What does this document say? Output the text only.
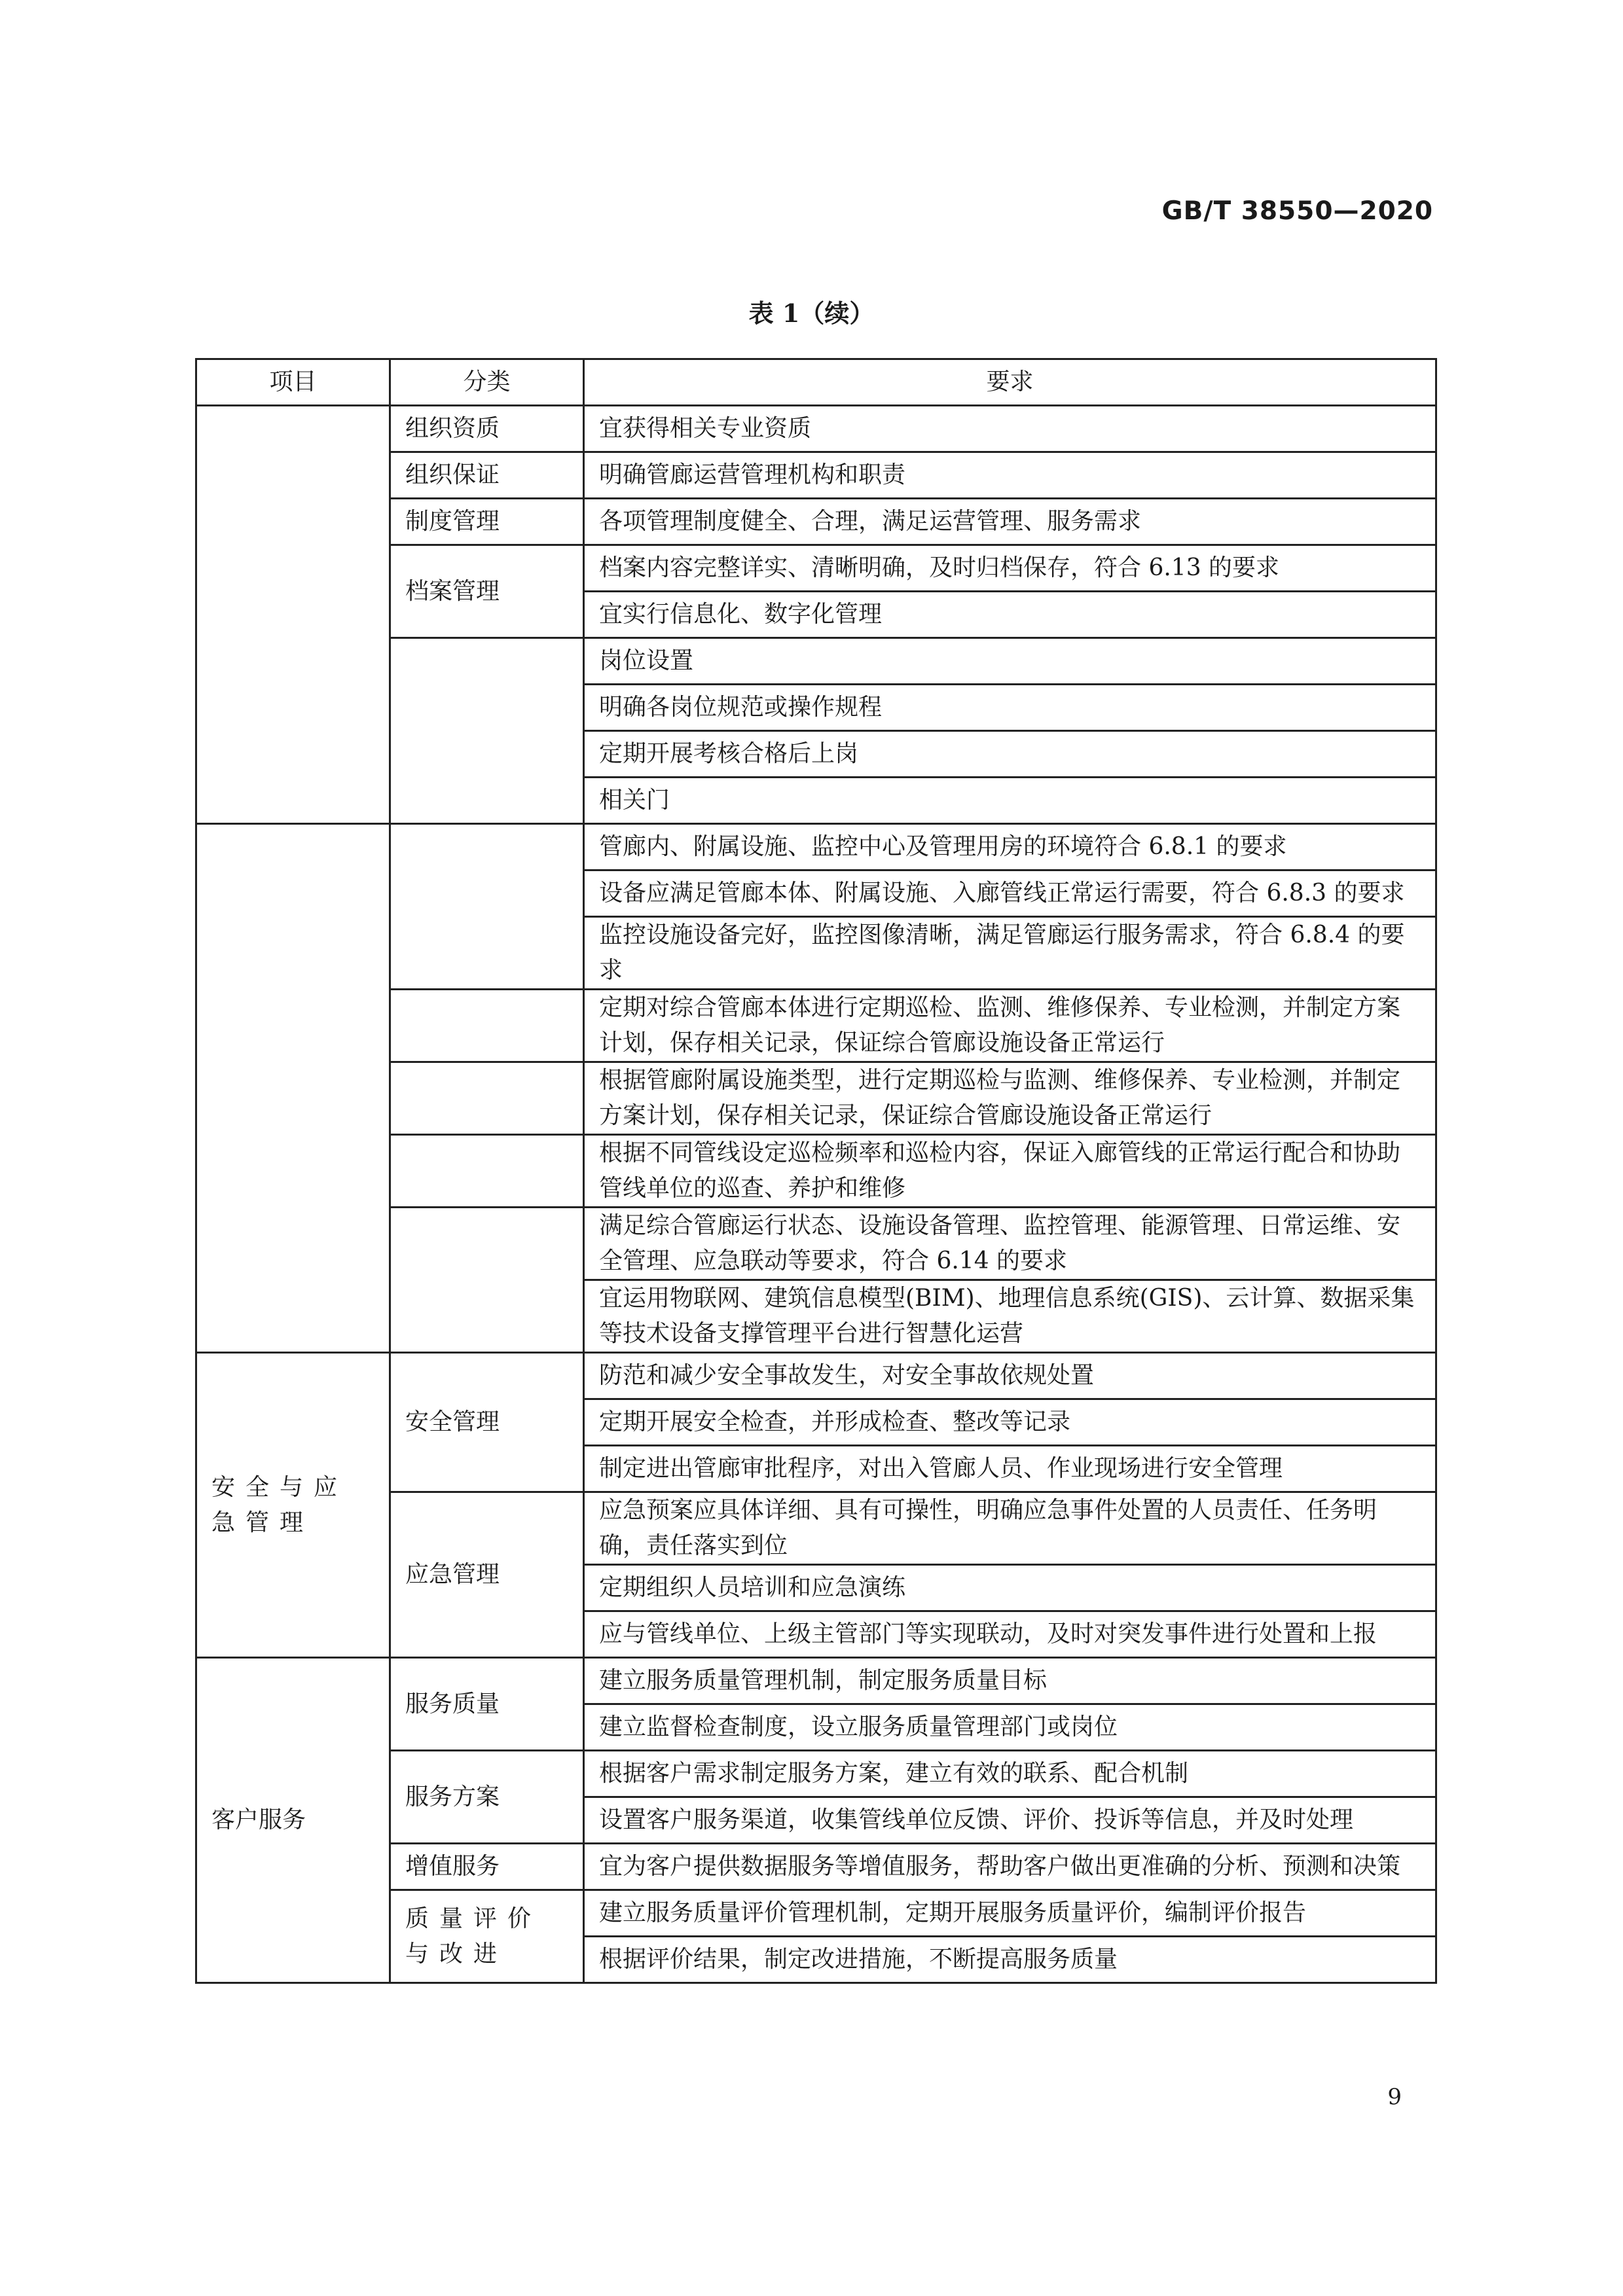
GB/T 38550—2020
表 1（续）
项目	分类	要求
	组织资质	宜获得相关专业资质
	组织保证	明确管廊运营管理机构和职责
	制度管理	各项管理制度健全、合理，满足运营管理、服务需求
	档案管理	档案内容完整详实、清晰明确，及时归档保存，符合 6.13 的要求
		宜实行信息化、数字化管理
		岗位设置
		明确各岗位规范或操作规程
		定期开展考核合格后上岗
		相关门
		管廊内、附属设施、监控中心及管理用房的环境符合 6.8.1 的要求
		设备应满足管廊本体、附属设施、入廊管线正常运行需要，符合 6.8.3 的要求
		监控设施设备完好，监控图像清晰，满足管廊运行服务需求，符合 6.8.4 的要求
		定期对综合管廊本体进行定期巡检、监测、维修保养、专业检测，并制定方案计划，保存相关记录，保证综合管廊设施设备正常运行
		根据管廊附属设施类型，进行定期巡检与监测、维修保养、专业检测，并制定方案计划，保存相关记录，保证综合管廊设施设备正常运行
		根据不同管线设定巡检频率和巡检内容，保证入廊管线的正常运行配合和协助管线单位的巡查、养护和维修
		满足综合管廊运行状态、设施设备管理、监控管理、能源管理、日常运维、安全管理、应急联动等要求，符合 6.14 的要求
		宜运用物联网、建筑信息模型(BIM)、地理信息系统(GIS)、云计算、数据采集等技术设备支撑管理平台进行智慧化运营
安全与应急管理	安全管理	防范和减少安全事故发生，对安全事故依规处置
		定期开展安全检查，并形成检查、整改等记录
		制定进出管廊审批程序，对出入管廊人员、作业现场进行安全管理
	应急管理	应急预案应具体详细、具有可操性，明确应急事件处置的人员责任、任务明确，责任落实到位
		定期组织人员培训和应急演练
		应与管线单位、上级主管部门等实现联动，及时对突发事件进行处置和上报
客户服务	服务质量	建立服务质量管理机制，制定服务质量目标
		建立监督检查制度，设立服务质量管理部门或岗位
	服务方案	根据客户需求制定服务方案，建立有效的联系、配合机制
		设置客户服务渠道，收集管线单位反馈、评价、投诉等信息，并及时处理
	增值服务	宜为客户提供数据服务等增值服务，帮助客户做出更准确的分析、预测和决策
	质量评价与改进	建立服务质量评价管理机制，定期开展服务质量评价，编制评价报告
		根据评价结果，制定改进措施，不断提高服务质量
9
